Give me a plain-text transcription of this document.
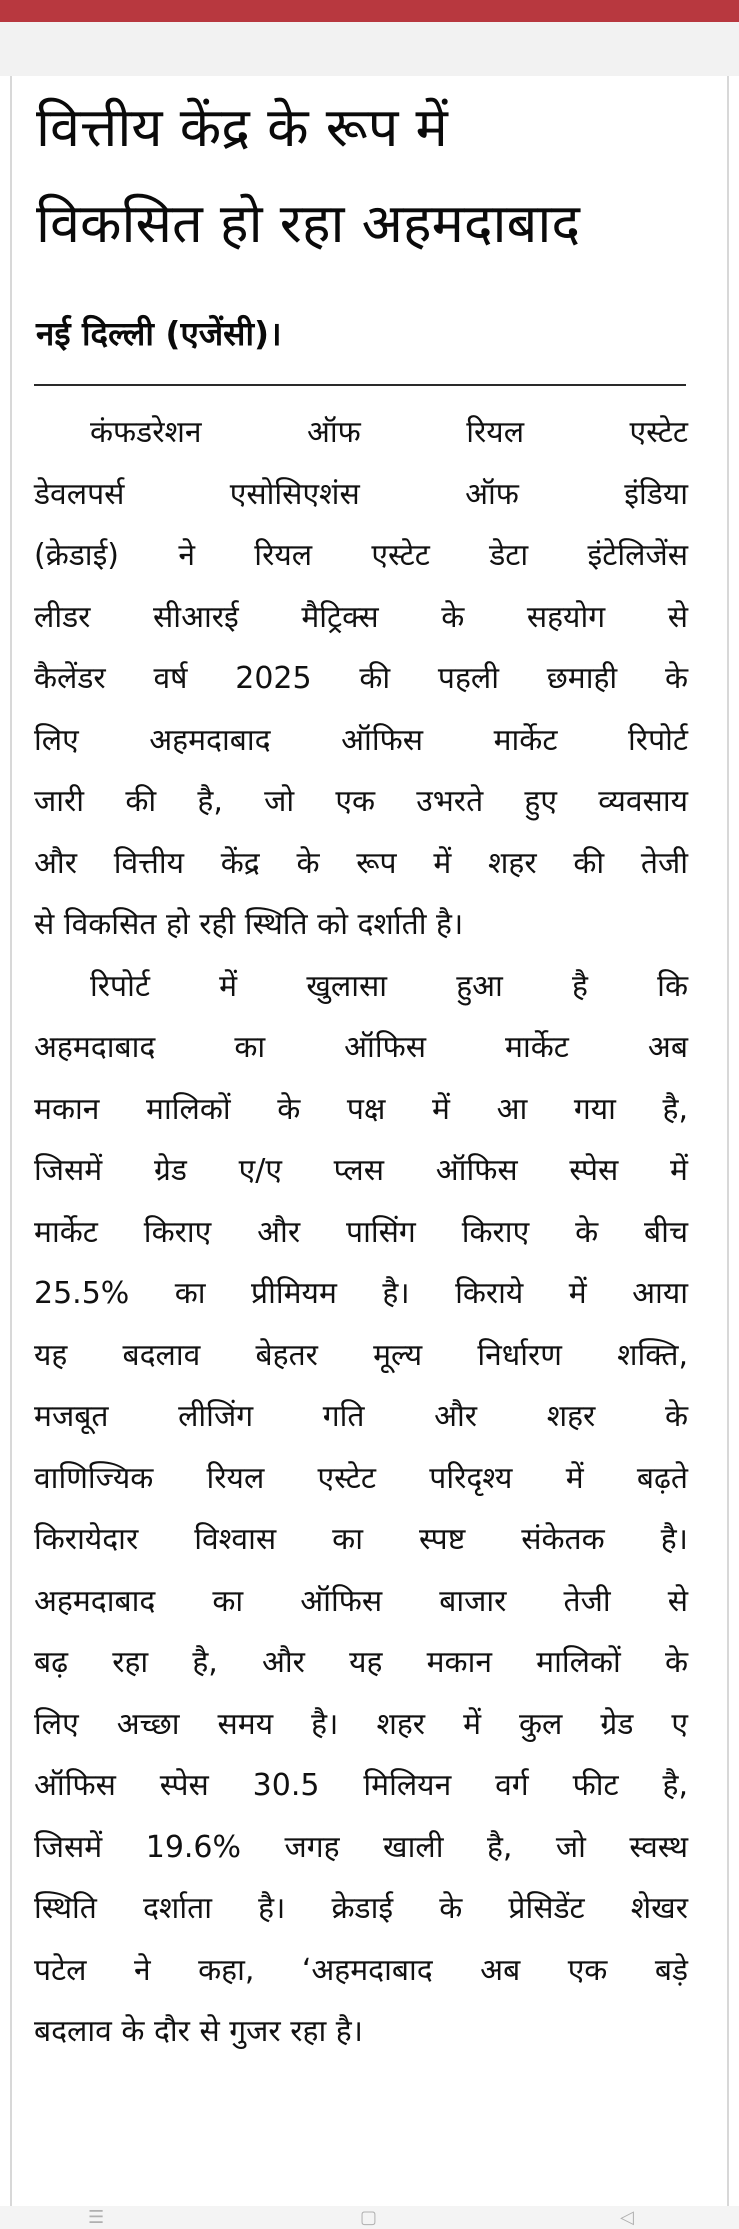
वित्तीय केंद्र के रूप में
विकसित हो रहा अहमदाबाद
नई दिल्ली (एजेंसी)।
कंफडरेशन ऑफ रियल एस्टेट
डेवलपर्स एसोसिएशंस ऑफ इंडिया
(क्रेडाई) ने रियल एस्टेट डेटा इंटेलिजेंस
लीडर सीआरई मैट्रिक्स के सहयोग से
कैलेंडर वर्ष 2025 की पहली छमाही के
लिए अहमदाबाद ऑफिस मार्केट रिपोर्ट
जारी की है, जो एक उभरते हुए व्यवसाय
और वित्तीय केंद्र के रूप में शहर की तेजी
से विकसित हो रही स्थिति को दर्शाती है।
रिपोर्ट में खुलासा हुआ है कि
अहमदाबाद का ऑफिस मार्केट अब
मकान मालिकों के पक्ष में आ गया है,
जिसमें ग्रेड ए/ए प्लस ऑफिस स्पेस में
मार्केट किराए और पासिंग किराए के बीच
25.5% का प्रीमियम है। किराये में आया
यह बदलाव बेहतर मूल्य निर्धारण शक्ति,
मजबूत लीजिंग गति और शहर के
वाणिज्यिक रियल एस्टेट परिदृश्य में बढ़ते
किरायेदार विश्वास का स्पष्ट संकेतक है।
अहमदाबाद का ऑफिस बाजार तेजी से
बढ़ रहा है, और यह मकान मालिकों के
लिए अच्छा समय है। शहर में कुल ग्रेड ए
ऑफिस स्पेस 30.5 मिलियन वर्ग फीट है,
जिसमें 19.6% जगह खाली है, जो स्वस्थ
स्थिति दर्शाता है। क्रेडाई के प्रेसिडेंट शेखर
पटेल ने कहा, ‘अहमदाबाद अब एक बड़े
बदलाव के दौर से गुजर रहा है।
☰	▢	◁
